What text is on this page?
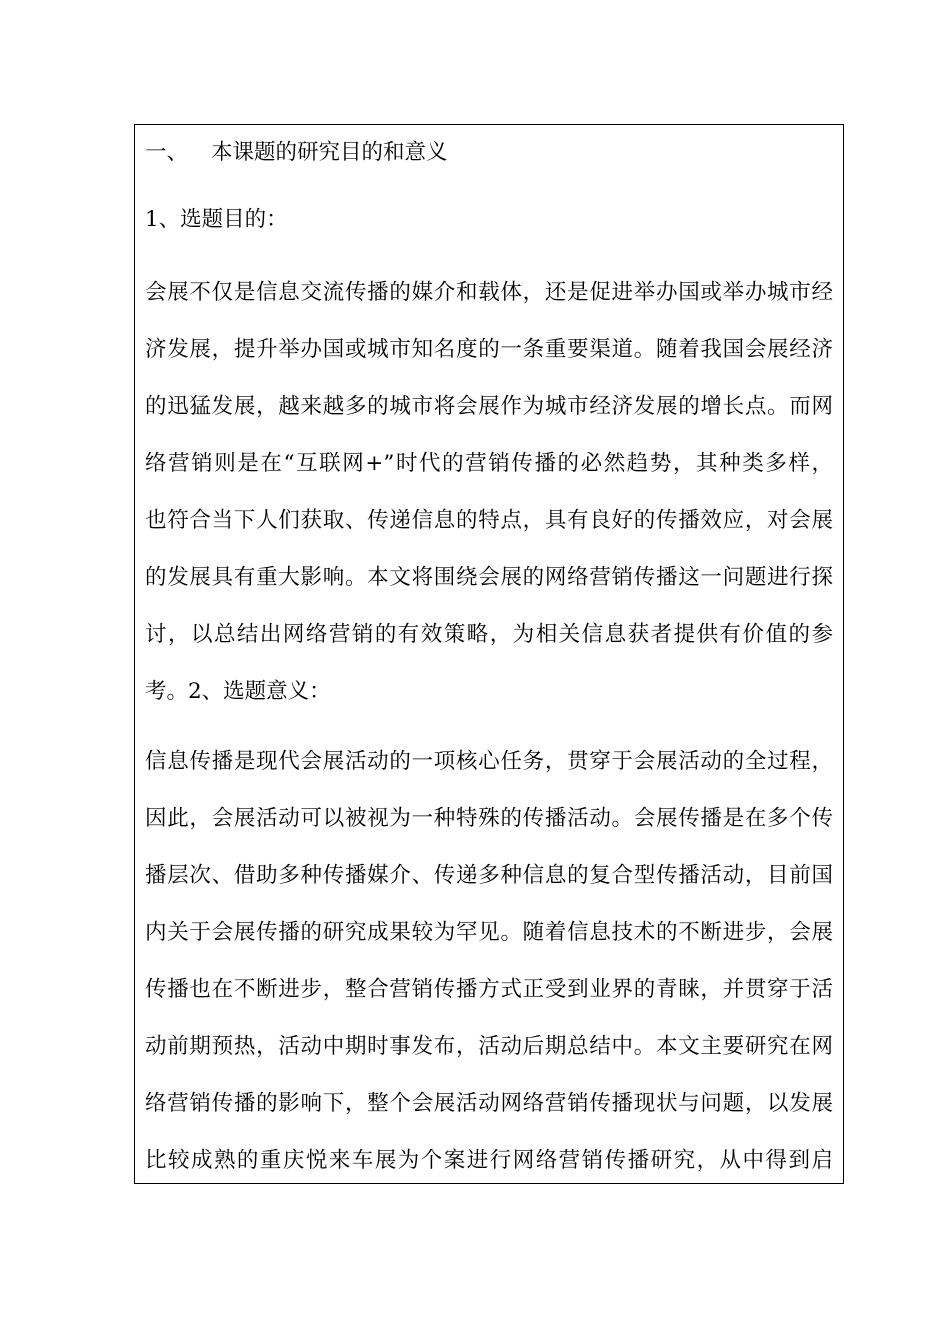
一、 本课题的研究目的和意义

1、选题目的：

会展不仅是信息交流传播的媒介和载体，还是促进举办国或举办城市经

济发展，提升举办国或城市知名度的一条重要渠道。随着我国会展经济

的迅猛发展，越来越多的城市将会展作为城市经济发展的增长点。而网

络营销则是在“互联网+”时代的营销传播的必然趋势，其种类多样，

也符合当下人们获取、传递信息的特点，具有良好的传播效应，对会展

的发展具有重大影响。本文将围绕会展的网络营销传播这一问题进行探

讨，以总结出网络营销的有效策略，为相关信息获者提供有价值的参

考。2、选题意义：

信息传播是现代会展活动的一项核心任务，贯穿于会展活动的全过程，

因此，会展活动可以被视为一种特殊的传播活动。会展传播是在多个传

播层次、借助多种传播媒介、传递多种信息的复合型传播活动，目前国

内关于会展传播的研究成果较为罕见。随着信息技术的不断进步，会展

传播也在不断进步，整合营销传播方式正受到业界的青睐，并贯穿于活

动前期预热，活动中期时事发布，活动后期总结中。本文主要研究在网

络营销传播的影响下，整个会展活动网络营销传播现状与问题，以发展

比较成熟的重庆悦来车展为个案进行网络营销传播研究，从中得到启
